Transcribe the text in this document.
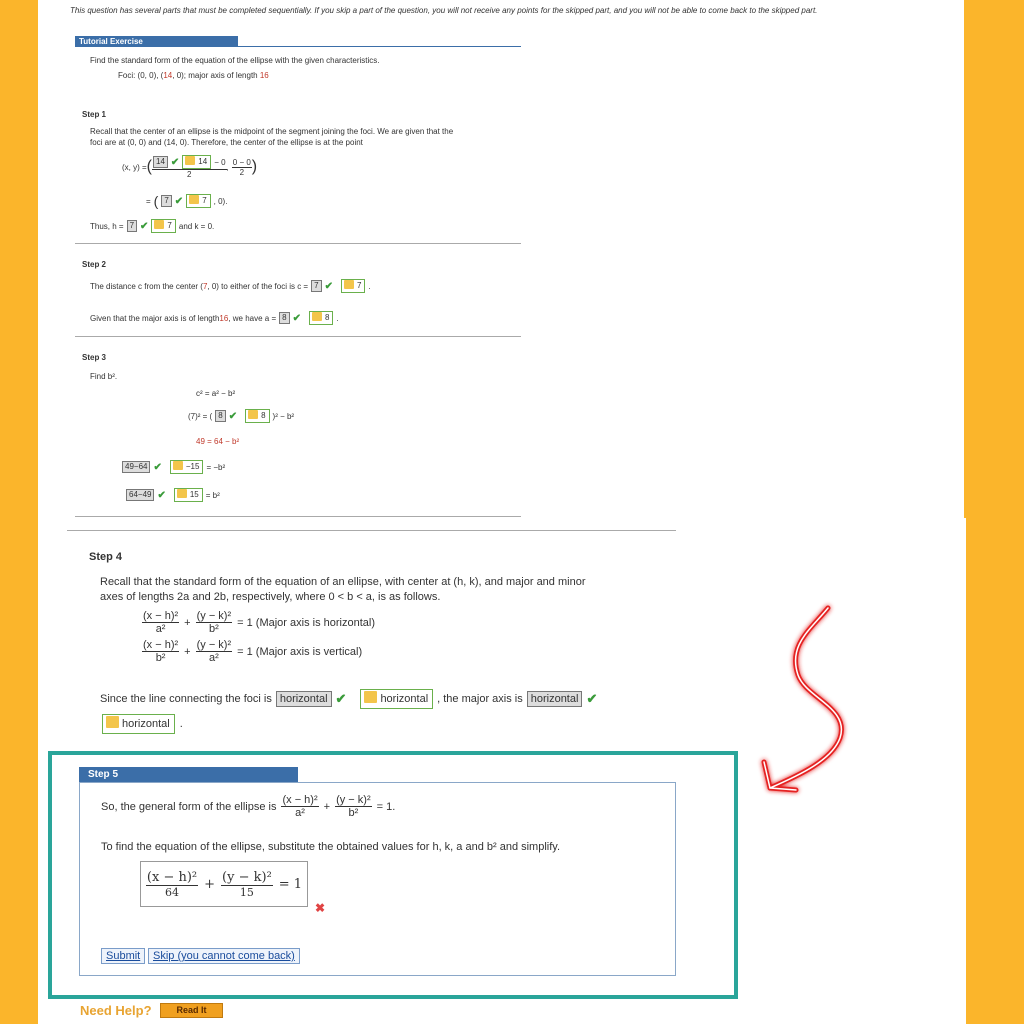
This question has several parts that must be completed sequentially. If you skip a part of the question, you will not receive any points for the skipped part, and you will not be able to come back to the skipped part.
Tutorial Exercise
Find the standard form of the equation of the ellipse with the given characteristics.
Foci: (0, 0), (14, 0); major axis of length 16
Step 1
Recall that the center of an ellipse is the midpoint of the segment joining the foci. We are given that the
foci are at (0, 0) and (14, 0). Therefore, the center of the ellipse is at the point
(x, y) = ( 14 ✔	14 − 0
2 , $\frac{0 - 0}{2}$ )
= ( 7 ✔	7 , 0).
Thus, h = 7 ✔	7 and k = 0.
Step 2
The distance c from the center ( 7 , 0) to either of the foci is c = 7 ✔	7 .
Given that the major axis is of length 16 , we have a = 8 ✔	8 .
Step 3
Find b².
c² = a² − b²
(7)² = ( 8 ✔	8 )² − b²
49 = 64 − b²
49−64 ✔	−15 = −b²
64−49 ✔	15 = b²
Step 4
Recall that the standard form of the equation of an ellipse, with center at (h, k), and major and minor
axes of lengths 2a and 2b, respectively, where 0 < b < a, is as follows.
$\frac{\text{(x − h)²}}{\text{a²}} + \frac{\text{(y − k)²}}{\text{b²}} = 1$ (Major axis is horizontal)
$\frac{\text{(x − h)²}}{\text{b²}} + \frac{\text{(y − k)²}}{\text{a²}} = 1$ (Major axis is vertical)
Since the line connecting the foci is horizontal ✔	horizontal , the major axis is horizontal ✔
horizontal .
Step 5
So, the general form of the ellipse is $\frac{\text{(x − h)²}}{\text{a²}} + \frac{\text{(y − k)²}}{\text{b²}} = 1$.
To find the equation of the ellipse, substitute the obtained values for h, k, a and b² and simplify.
$\frac{\text{(x − h)²}}{64} + \frac{\text{(y − k)²}}{15} = 1$
✖
Submit	Skip (you cannot come back)
Need Help?	Read It
